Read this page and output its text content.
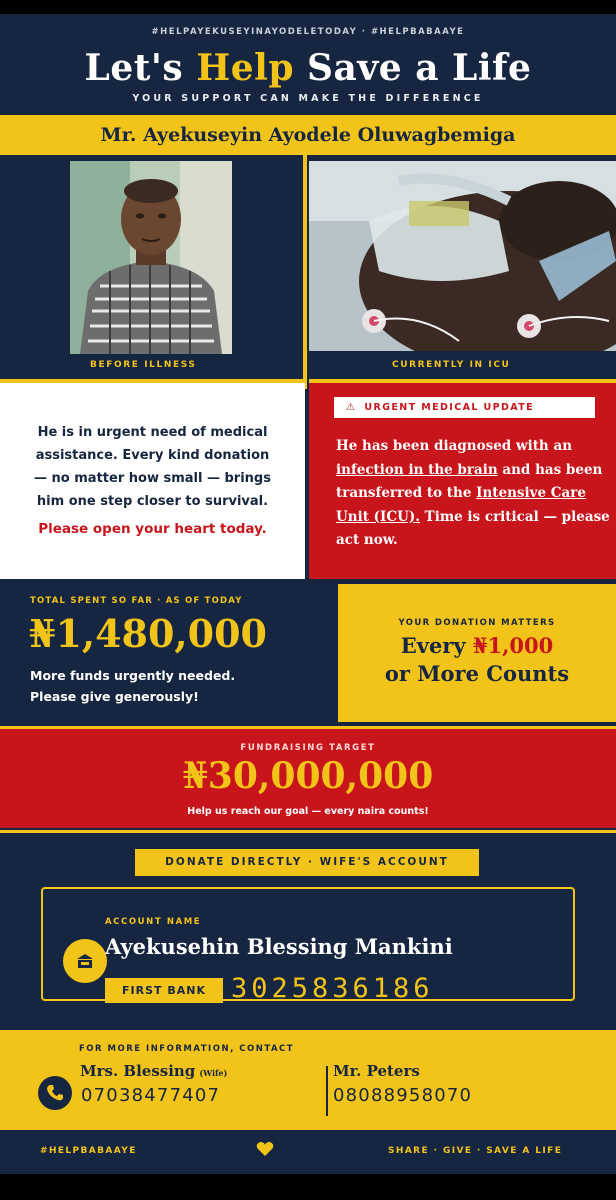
#HELPAYEKUSEYINAYODELETODAY · #HELPBABAAYE
Let's Help Save a Life
YOUR SUPPORT CAN MAKE THE DIFFERENCE
Mr. Ayekuseyin Ayodele Oluwagbemiga
BEFORE ILLNESS	CURRENTLY IN ICU
He is in urgent need of medical
assistance. Every kind donation
— no matter how small — brings
him one step closer to survival.
Please open your heart today.
⚠ URGENT MEDICAL UPDATE
He has been diagnosed with an infection in the brain and has been transferred to the Intensive Care Unit (ICU). Time is critical — please act now.
TOTAL SPENT SO FAR · AS OF TODAY
₦1,480,000
More funds urgently needed.
Please give generously!
YOUR DONATION MATTERS
Every ₦1,000
or More Counts
FUNDRAISING TARGET
₦30,000,000
Help us reach our goal — every naira counts!
DONATE DIRECTLY · WIFE'S ACCOUNT
ACCOUNT NAME
Ayekusehin Blessing Mankini
FIRST BANK 3025836186
FOR MORE INFORMATION, CONTACT
Mrs. Blessing (Wife)
07038477407
Mr. Peters
08088958070
#HELPBABAAYE	SHARE · GIVE · SAVE A LIFE
